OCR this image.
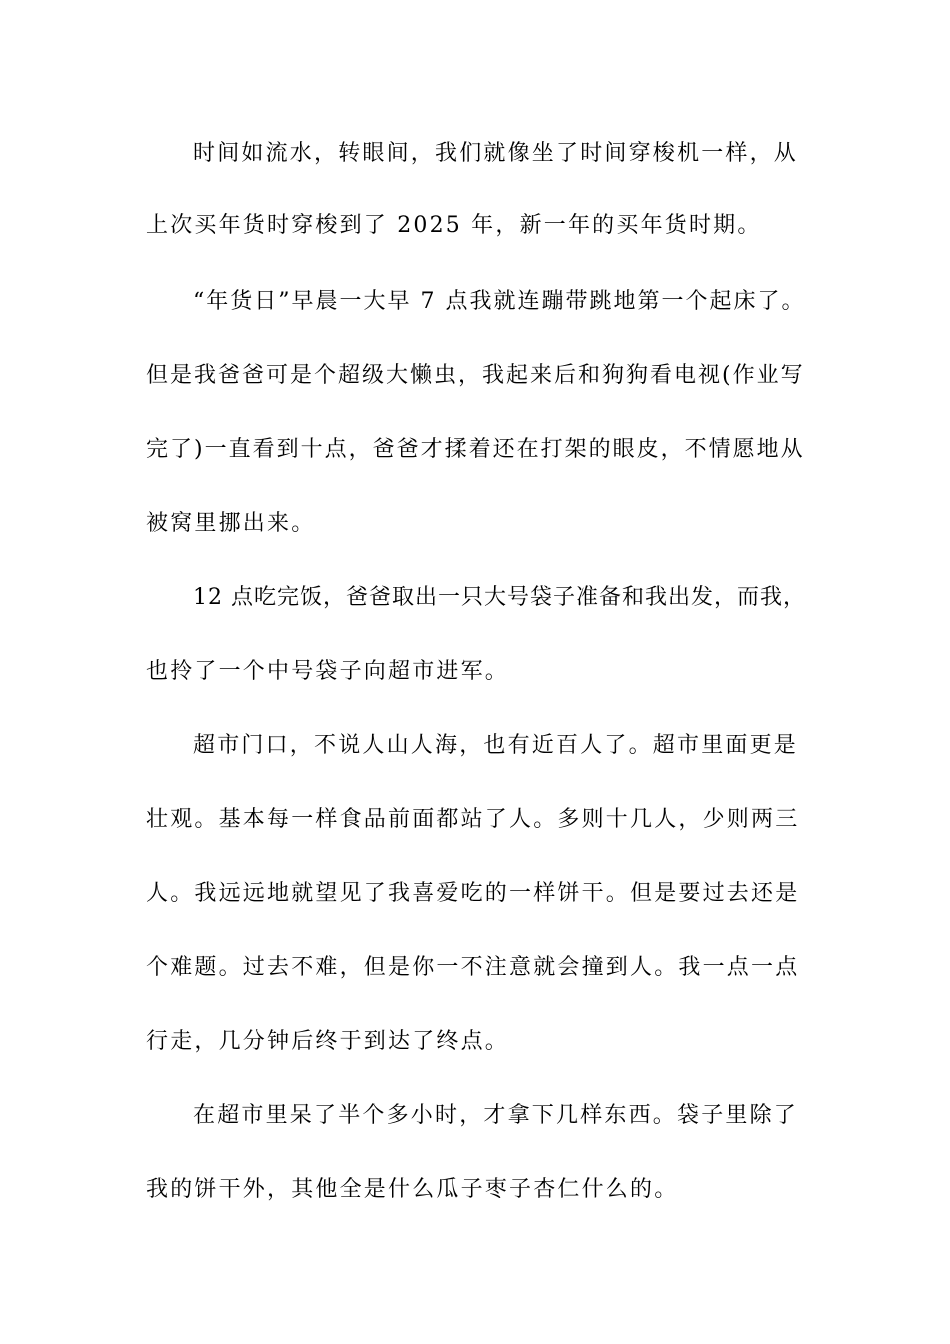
时间如流水，转眼间，我们就像坐了时间穿梭机一样，从
上次买年货时穿梭到了 2025 年，新一年的买年货时期。
“年货日”早晨一大早 7 点我就连蹦带跳地第一个起床了。
但是我爸爸可是个超级大懒虫，我起来后和狗狗看电视(作业写
完了)一直看到十点，爸爸才揉着还在打架的眼皮，不情愿地从
被窝里挪出来。
12 点吃完饭，爸爸取出一只大号袋子准备和我出发，而我，
也拎了一个中号袋子向超市进军。
超市门口，不说人山人海，也有近百人了。超市里面更是
壮观。基本每一样食品前面都站了人。多则十几人，少则两三
人。我远远地就望见了我喜爱吃的一样饼干。但是要过去还是
个难题。过去不难，但是你一不注意就会撞到人。我一点一点
行走，几分钟后终于到达了终点。
在超市里呆了半个多小时，才拿下几样东西。袋子里除了
我的饼干外，其他全是什么瓜子枣子杏仁什么的。
